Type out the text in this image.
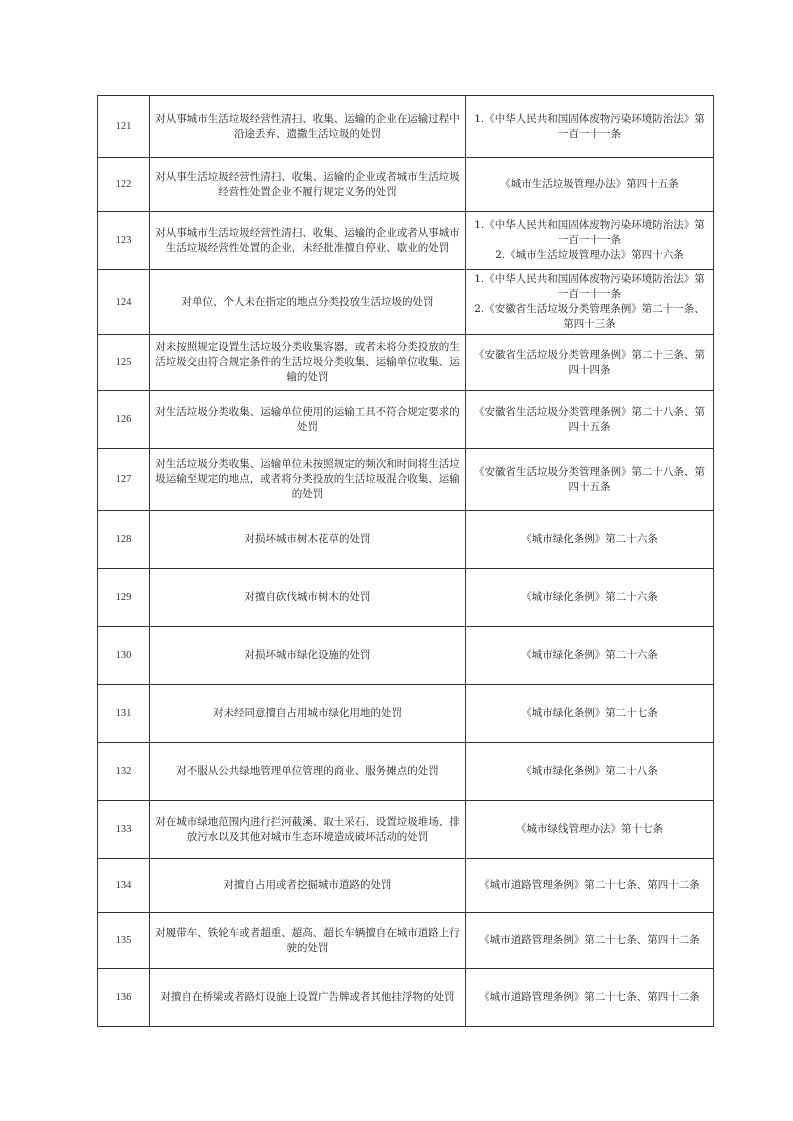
121	对从事城市生活垃圾经营性清扫、收集、运输的企业在运输过程中沿途丢弃、遗撒生活垃圾的处罚	1.《中华人民共和国固体废物污染环境防治法》第一百一十一条

122	对从事生活垃圾经营性清扫、收集、运输的企业或者城市生活垃圾经营性处置企业不履行规定义务的处罚	《城市生活垃圾管理办法》第四十五条

123	对从事城市生活垃圾经营性清扫、收集、运输的企业或者从事城市生活垃圾经营性处置的企业，未经批准擅自停业、歇业的处罚	1.《中华人民共和国固体废物污染环境防治法》第一百一十一条
2.《城市生活垃圾管理办法》第四十六条

124	对单位、个人未在指定的地点分类投放生活垃圾的处罚	1.《中华人民共和国固体废物污染环境防治法》第一百一十一条
2.《安徽省生活垃圾分类管理条例》第二十一条、第四十三条

125	对未按照规定设置生活垃圾分类收集容器，或者未将分类投放的生活垃圾交由符合规定条件的生活垃圾分类收集、运输单位收集、运输的处罚	《安徽省生活垃圾分类管理条例》第二十三条、第四十四条

126	对生活垃圾分类收集、运输单位使用的运输工具不符合规定要求的处罚	《安徽省生活垃圾分类管理条例》第二十八条、第四十五条

127	对生活垃圾分类收集、运输单位未按照规定的频次和时间将生活垃圾运输至规定的地点，或者将分类投放的生活垃圾混合收集、运输的处罚	《安徽省生活垃圾分类管理条例》第二十八条、第四十五条

128	对损坏城市树木花草的处罚	《城市绿化条例》第二十六条

129	对擅自砍伐城市树木的处罚	《城市绿化条例》第二十六条

130	对损坏城市绿化设施的处罚	《城市绿化条例》第二十六条

131	对未经同意擅自占用城市绿化用地的处罚	《城市绿化条例》第二十七条

132	对不服从公共绿地管理单位管理的商业、服务摊点的处罚	《城市绿化条例》第二十八条

133	对在城市绿地范围内进行拦河截溪、取土采石、设置垃圾堆场、排放污水以及其他对城市生态环境造成破坏活动的处罚	《城市绿线管理办法》第十七条

134	对擅自占用或者挖掘城市道路的处罚	《城市道路管理条例》第二十七条、第四十二条

135	对履带车、铁轮车或者超重、超高、超长车辆擅自在城市道路上行驶的处罚	《城市道路管理条例》第二十七条、第四十二条

136	对擅自在桥梁或者路灯设施上设置广告牌或者其他挂浮物的处罚	《城市道路管理条例》第二十七条、第四十二条
